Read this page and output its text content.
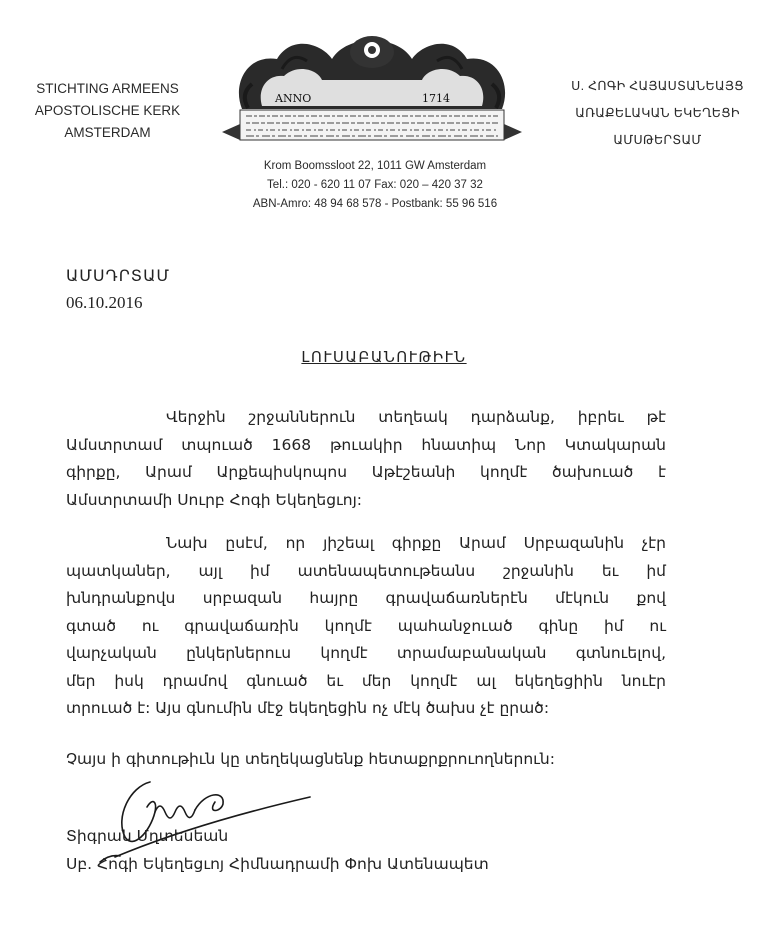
STICHTING ARMEENS
APOSTOLISCHE KERK
AMSTERDAM
ANNO	1714
Ս. ՀՈԳԻ ՀԱՅԱՍՏԱՆԵԱՅՑ
ԱՌԱՔԵԼԱԿԱՆ ԵԿԵՂԵՑԻ
ԱՄՍԹԵՐՏԱՄ
Krom Boomssloot 22, 1011 GW Amsterdam
Tel.: 020 - 620 11 07 Fax: 020 – 420 37 32
ABN-Amro: 48 94 68 578 - Postbank: 55 96 516
ԱՄՍԴՐՏԱՄ
06.10.2016
ԼՈՒՍԱԲԱՆՈՒԹԻՒՆ
Վերջին շրջաններուն տեղեակ դարձանք, իբրեւ թէ
Ամստրտամ տպուած 1668 թուակիր հնատիպ Նոր Կտակարան
գիրքը, Արամ Արքեպիսկոպոս Աթէշեանի կողմէ ծախուած է
Ամստրտամի Սուրբ Հոգի Եկեղեցւոյ:
Նախ ըսէմ, որ յիշեալ գիրքը Արամ Սրբազանին չէր
պատկաներ, այլ իմ ատենապետութեանս շրջանին եւ իմ
խնդրանքովս սրբազան հայրը գրավաճառներէն մէկուն քով
գտած ու գրավաճառին կողմէ պահանջուած գինը իմ ու
վարչական ընկերներուս կողմէ տրամաբանական գտնուելով,
մեր իսկ դրամով գնուած եւ մեր կողմէ ալ եկեղեցիին նուէր
տրուած է: Այս գնումին մէջ եկեղեցին ոչ մէկ ծախս չէ ըրած:
Չայս ի գիտութիւն կը տեղեկացնենք հետաքրքրուողներուն:
Տիգրան Մղտեսեան
Սբ. Հոգի Եկեղեցւոյ Հիմնադրամի Փոխ Ատենապետ
